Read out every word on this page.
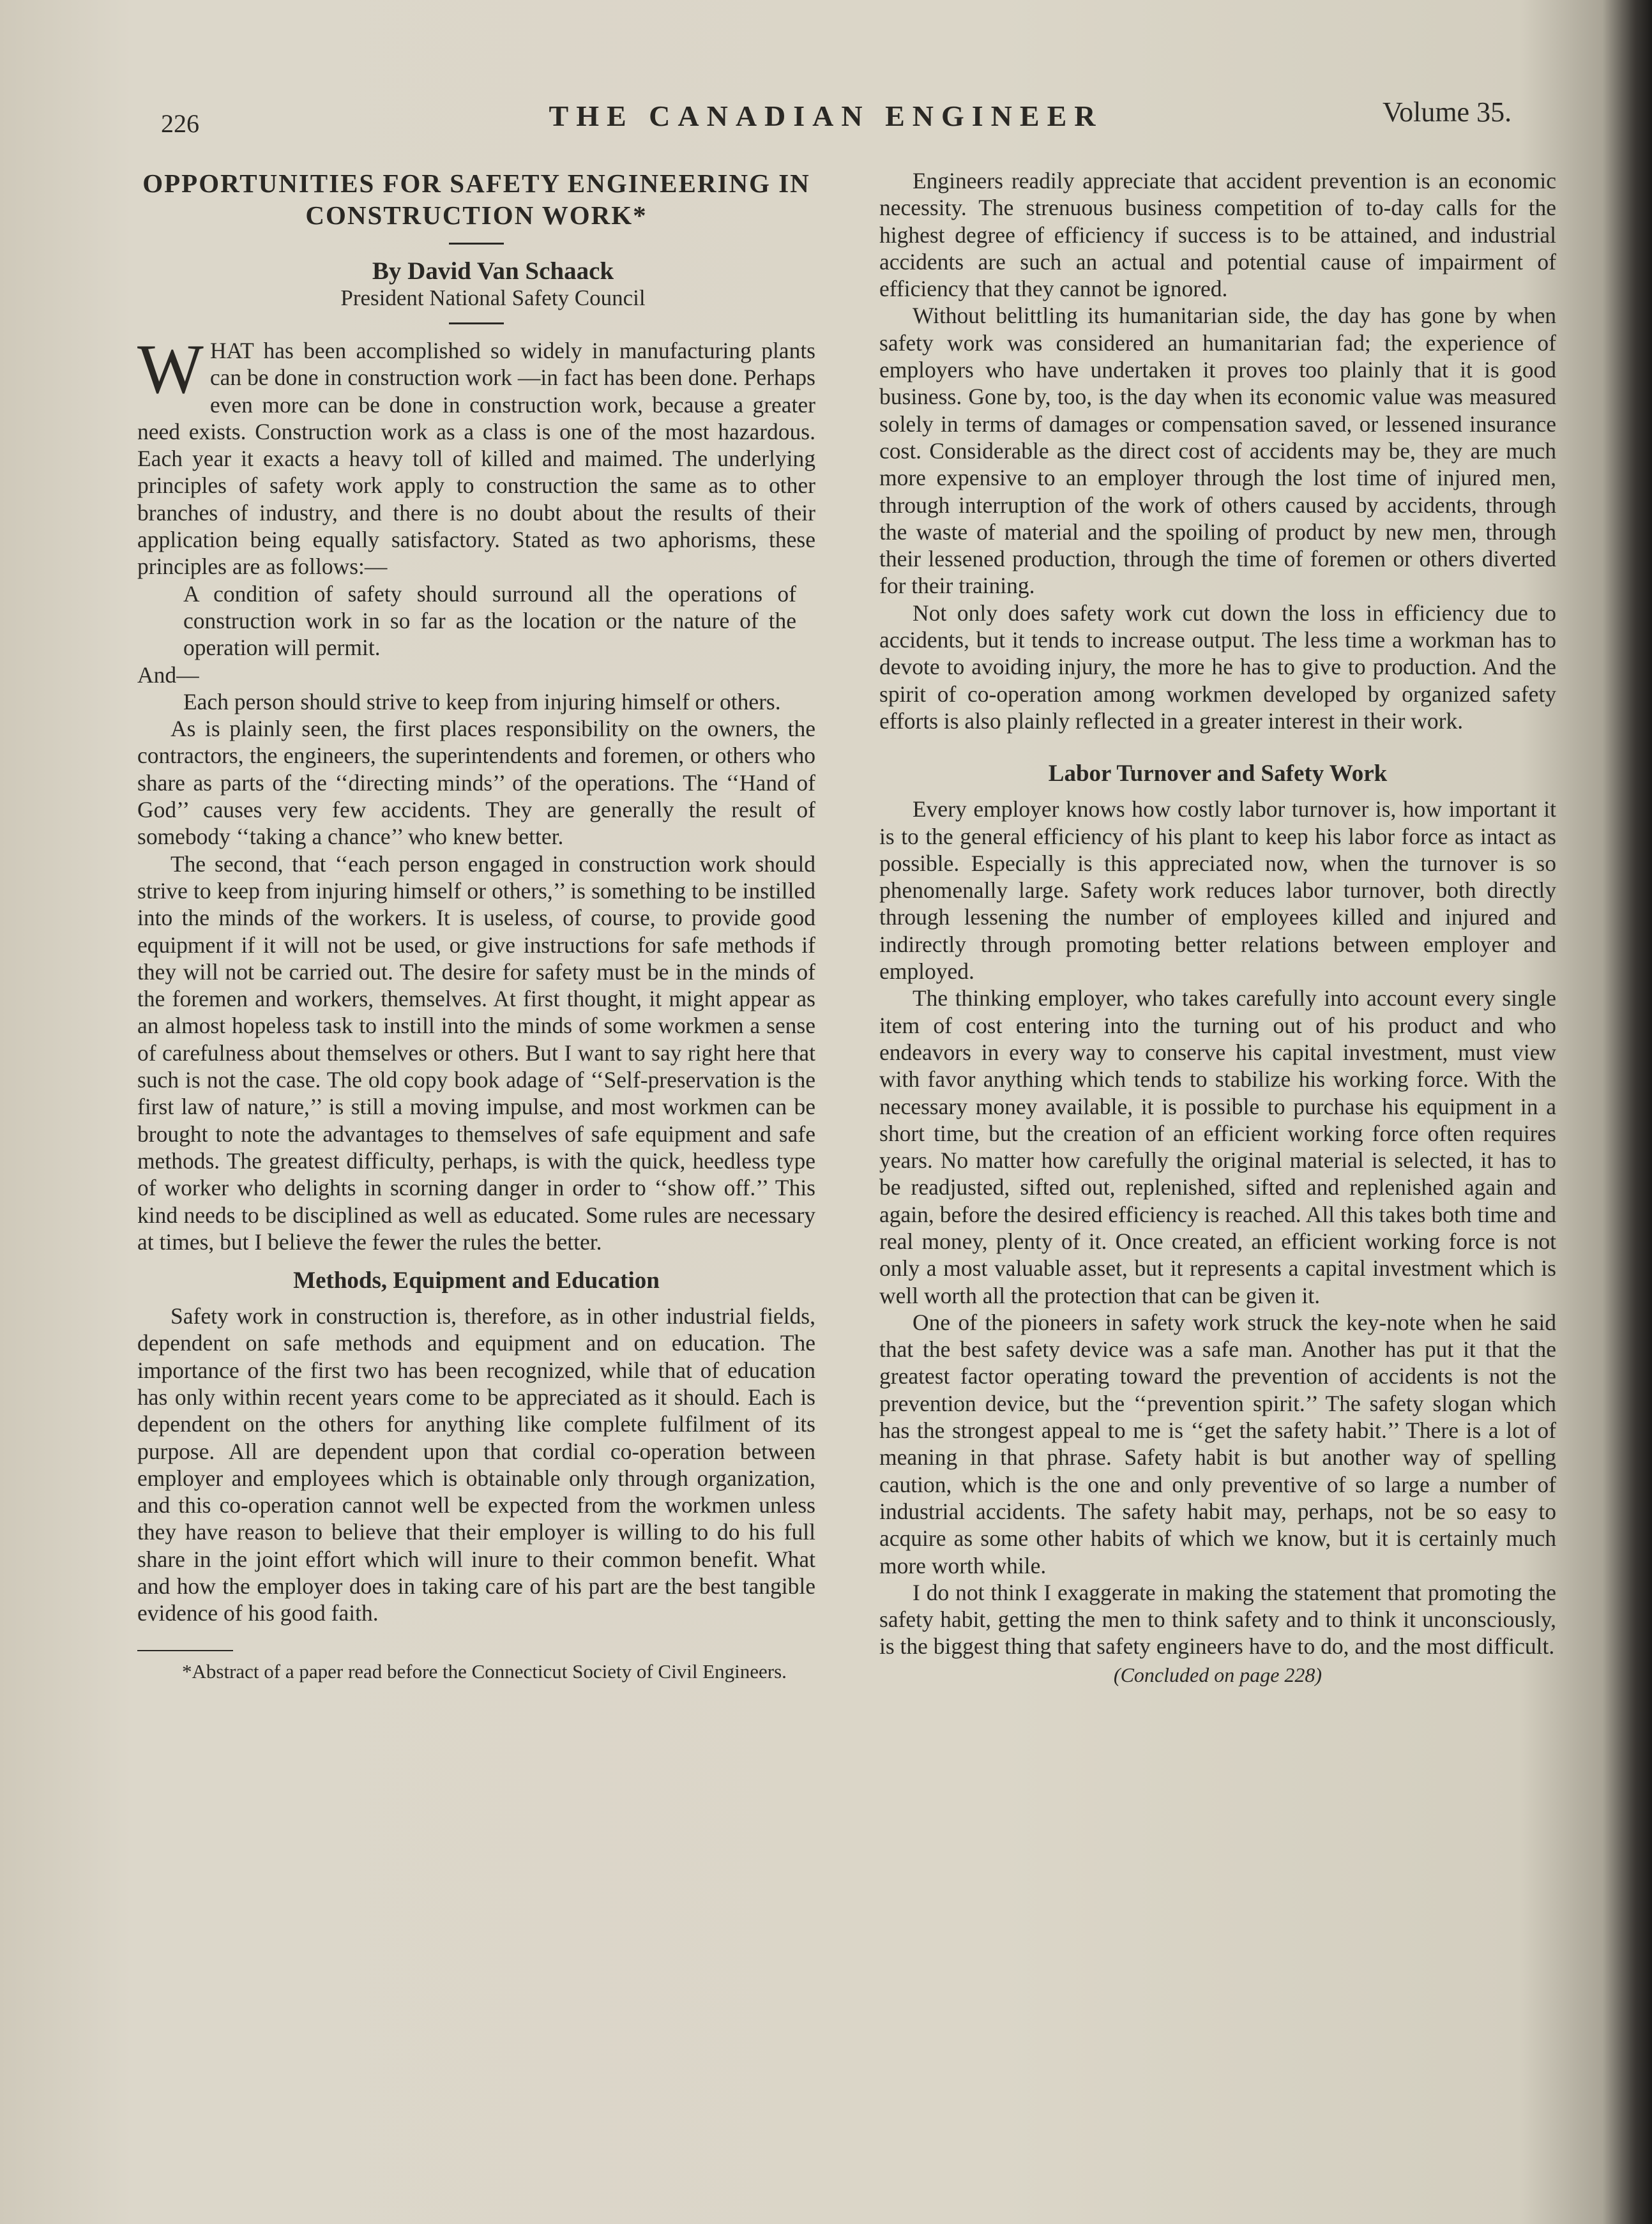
226	THE CANADIAN ENGINEER	Volume 35.
OPPORTUNITIES FOR SAFETY ENGINEERING IN CONSTRUCTION WORK*

By David Van Schaack

President National Safety Council

WHAT has been accomplished so widely in manufacturing plants can be done in construction work —in fact has been done. Perhaps even more can be done in construction work, because a greater need exists. Construction work as a class is one of the most hazardous. Each year it exacts a heavy toll of killed and maimed. The underlying principles of safety work apply to construction the same as to other branches of industry, and there is no doubt about the results of their application being equally satisfactory. Stated as two aphorisms, these principles are as follows:—

A condition of safety should surround all the operations of construction work in so far as the location or the nature of the operation will permit.

And—

Each person should strive to keep from injuring himself or others.

As is plainly seen, the first places responsibility on the owners, the contractors, the engineers, the superintendents and foremen, or others who share as parts of the ‘‘directing minds’’ of the operations. The ‘‘Hand of God’’ causes very few accidents. They are generally the result of somebody ‘‘taking a chance’’ who knew better.

The second, that ‘‘each person engaged in construction work should strive to keep from injuring himself or others,’’ is something to be instilled into the minds of the workers. It is useless, of course, to provide good equipment if it will not be used, or give instructions for safe methods if they will not be carried out. The desire for safety must be in the minds of the foremen and workers, themselves. At first thought, it might appear as an almost hopeless task to instill into the minds of some workmen a sense of carefulness about themselves or others. But I want to say right here that such is not the case. The old copy book adage of ‘‘Self-preservation is the first law of nature,’’ is still a moving impulse, and most workmen can be brought to note the advantages to themselves of safe equipment and safe methods. The greatest difficulty, perhaps, is with the quick, heedless type of worker who delights in scorning danger in order to ‘‘show off.’’ This kind needs to be disciplined as well as educated. Some rules are necessary at times, but I believe the fewer the rules the better.

Methods, Equipment and Education

Safety work in construction is, therefore, as in other industrial fields, dependent on safe methods and equipment and on education. The importance of the first two has been recognized, while that of education has only within recent years come to be appreciated as it should. Each is dependent on the others for anything like complete fulfilment of its purpose. All are dependent upon that cordial co-operation between employer and employees which is obtainable only through organization, and this co-operation cannot well be expected from the workmen unless they have reason to believe that their employer is willing to do his full share in the joint effort which will inure to their common benefit. What and how the employer does in taking care of his part are the best tangible evidence of his good faith.

*Abstract of a paper read before the Connecticut Society of Civil Engineers.

Engineers readily appreciate that accident prevention is an economic necessity. The strenuous business competition of to-day calls for the highest degree of efficiency if success is to be attained, and industrial accidents are such an actual and potential cause of impairment of efficiency that they cannot be ignored.

Without belittling its humanitarian side, the day has gone by when safety work was considered an humanitarian fad; the experience of employers who have undertaken it proves too plainly that it is good business. Gone by, too, is the day when its economic value was measured solely in terms of damages or compensation saved, or lessened insurance cost. Considerable as the direct cost of accidents may be, they are much more expensive to an employer through the lost time of injured men, through interruption of the work of others caused by accidents, through the waste of material and the spoiling of product by new men, through their lessened production, through the time of foremen or others diverted for their training.

Not only does safety work cut down the loss in efficiency due to accidents, but it tends to increase output. The less time a workman has to devote to avoiding injury, the more he has to give to production. And the spirit of co-operation among workmen developed by organized safety efforts is also plainly reflected in a greater interest in their work.

Labor Turnover and Safety Work

Every employer knows how costly labor turnover is, how important it is to the general efficiency of his plant to keep his labor force as intact as possible. Especially is this appreciated now, when the turnover is so phenomenally large. Safety work reduces labor turnover, both directly through lessening the number of employees killed and injured and indirectly through promoting better relations between employer and employed.

The thinking employer, who takes carefully into account every single item of cost entering into the turning out of his product and who endeavors in every way to conserve his capital investment, must view with favor anything which tends to stabilize his working force. With the necessary money available, it is possible to purchase his equipment in a short time, but the creation of an efficient working force often requires years. No matter how carefully the original material is selected, it has to be readjusted, sifted out, replenished, sifted and replenished again and again, before the desired efficiency is reached. All this takes both time and real money, plenty of it. Once created, an efficient working force is not only a most valuable asset, but it represents a capital investment which is well worth all the protection that can be given it.

One of the pioneers in safety work struck the key-note when he said that the best safety device was a safe man. Another has put it that the greatest factor operating toward the prevention of accidents is not the prevention device, but the ‘‘prevention spirit.’’ The safety slogan which has the strongest appeal to me is ‘‘get the safety habit.’’ There is a lot of meaning in that phrase. Safety habit is but another way of spelling caution, which is the one and only preventive of so large a number of industrial accidents. The safety habit may, perhaps, not be so easy to acquire as some other habits of which we know, but it is certainly much more worth while.

I do not think I exaggerate in making the statement that promoting the safety habit, getting the men to think safety and to think it unconsciously, is the biggest thing that safety engineers have to do, and the most difficult.

(Concluded on page 228)
